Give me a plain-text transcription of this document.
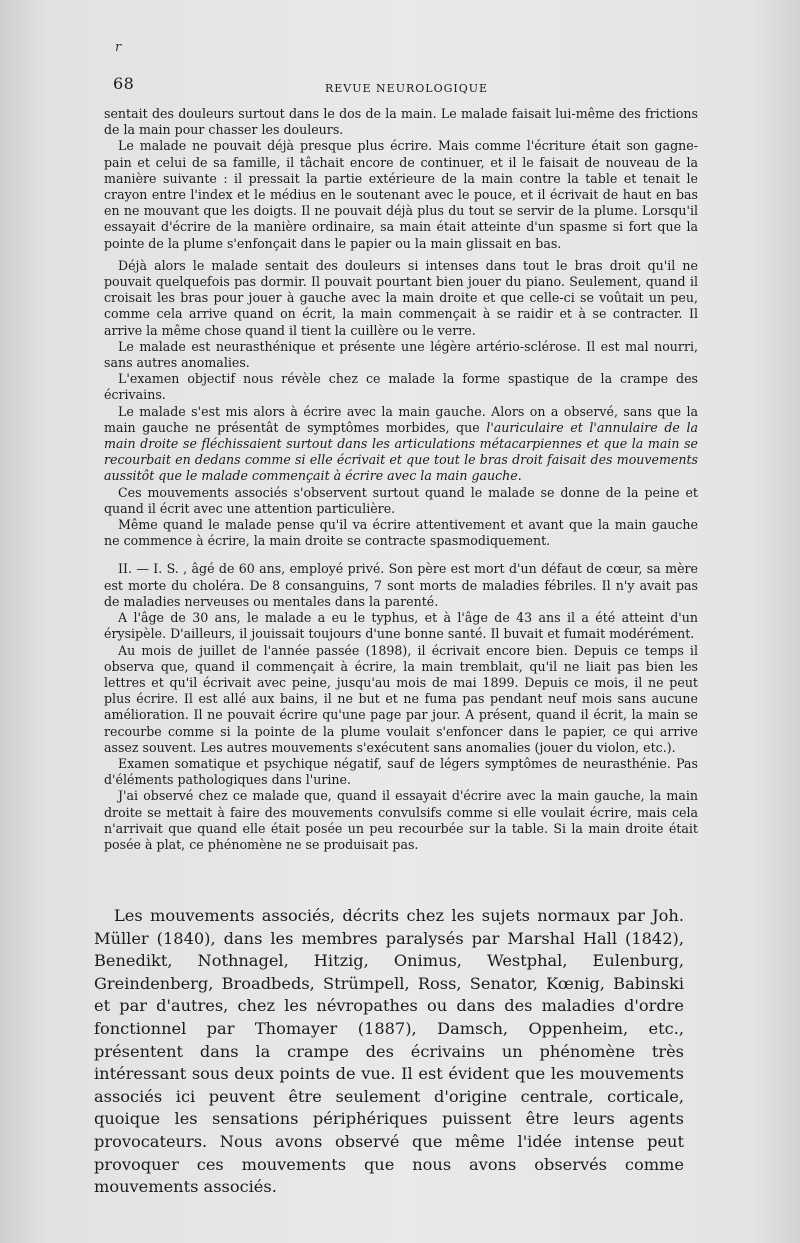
r
68	REVUE NEUROLOGIQUE

sentait des douleurs surtout dans le dos de la main. Le malade faisait lui-même des frictions de la main pour chasser les douleurs.

Le malade ne pouvait déjà presque plus écrire. Mais comme l'écriture était son gagne-pain et celui de sa famille, il tâchait encore de continuer, et il le faisait de nouveau de la manière suivante : il pressait la partie extérieure de la main contre la table et tenait le crayon entre l'index et le médius en le soutenant avec le pouce, et il écrivait de haut en bas en ne mouvant que les doigts. Il ne pouvait déjà plus du tout se servir de la plume. Lorsqu'il essayait d'écrire de la manière ordinaire, sa main était atteinte d'un spasme si fort que la pointe de la plume s'enfonçait dans le papier ou la main glissait en bas.

Déjà alors le malade sentait des douleurs si intenses dans tout le bras droit qu'il ne pouvait quelquefois pas dormir. Il pouvait pourtant bien jouer du piano. Seulement, quand il croisait les bras pour jouer à gauche avec la main droite et que celle-ci se voûtait un peu, comme cela arrive quand on écrit, la main commençait à se raidir et à se contracter. Il arrive la même chose quand il tient la cuillère ou le verre.

Le malade est neurasthénique et présente une légère artério-sclérose. Il est mal nourri, sans autres anomalies.

L'examen objectif nous révèle chez ce malade la forme spastique de la crampe des écrivains.

Le malade s'est mis alors à écrire avec la main gauche. Alors on a observé, sans que la main gauche ne présentât de symptômes morbides, que l'auriculaire et l'annulaire de la main droite se fléchissaient surtout dans les articulations métacarpiennes et que la main se recourbait en dedans comme si elle écrivait et que tout le bras droit faisait des mouvements aussitôt que le malade commençait à écrire avec la main gauche.

Ces mouvements associés s'observent surtout quand le malade se donne de la peine et quand il écrit avec une attention particulière.

Même quand le malade pense qu'il va écrire attentivement et avant que la main gauche ne commence à écrire, la main droite se contracte spasmodiquement.

II. — I. S. , âgé de 60 ans, employé privé. Son père est mort d'un défaut de cœur, sa mère est morte du choléra. De 8 consanguins, 7 sont morts de maladies fébriles. Il n'y avait pas de maladies nerveuses ou mentales dans la parenté.

A l'âge de 30 ans, le malade a eu le typhus, et à l'âge de 43 ans il a été atteint d'un érysipèle. D'ailleurs, il jouissait toujours d'une bonne santé. Il buvait et fumait modérément.

Au mois de juillet de l'année passée (1898), il écrivait encore bien. Depuis ce temps il observa que, quand il commençait à écrire, la main tremblait, qu'il ne liait pas bien les lettres et qu'il écrivait avec peine, jusqu'au mois de mai 1899. Depuis ce mois, il ne peut plus écrire. Il est allé aux bains, il ne but et ne fuma pas pendant neuf mois sans aucune amélioration. Il ne pouvait écrire qu'une page par jour. A présent, quand il écrit, la main se recourbe comme si la pointe de la plume voulait s'enfoncer dans le papier, ce qui arrive assez souvent. Les autres mouvements s'exécutent sans anomalies (jouer du violon, etc.).

Examen somatique et psychique négatif, sauf de légers symptômes de neurasthénie. Pas d'éléments pathologiques dans l'urine.

J'ai observé chez ce malade que, quand il essayait d'écrire avec la main gauche, la main droite se mettait à faire des mouvements convulsifs comme si elle voulait écrire, mais cela n'arrivait que quand elle était posée un peu recourbée sur la table. Si la main droite était posée à plat, ce phénomène ne se produisait pas.

Les mouvements associés, décrits chez les sujets normaux par Joh. Müller (1840), dans les membres paralysés par Marshal Hall (1842), Benedikt, Nothnagel, Hitzig, Onimus, Westphal, Eulenburg, Greindenberg, Broadbeds, Strümpell, Ross, Senator, Kœnig, Babinski et par d'autres, chez les névropathes ou dans des maladies d'ordre fonctionnel par Thomayer (1887), Damsch, Oppenheim, etc., présentent dans la crampe des écrivains un phénomène très intéressant sous deux points de vue. Il est évident que les mouvements associés ici peuvent être seulement d'origine centrale, corticale, quoique les sensations périphériques puissent être leurs agents provocateurs. Nous avons observé que même l'idée intense peut provoquer ces mouvements que nous avons observés comme mouvements associés.
